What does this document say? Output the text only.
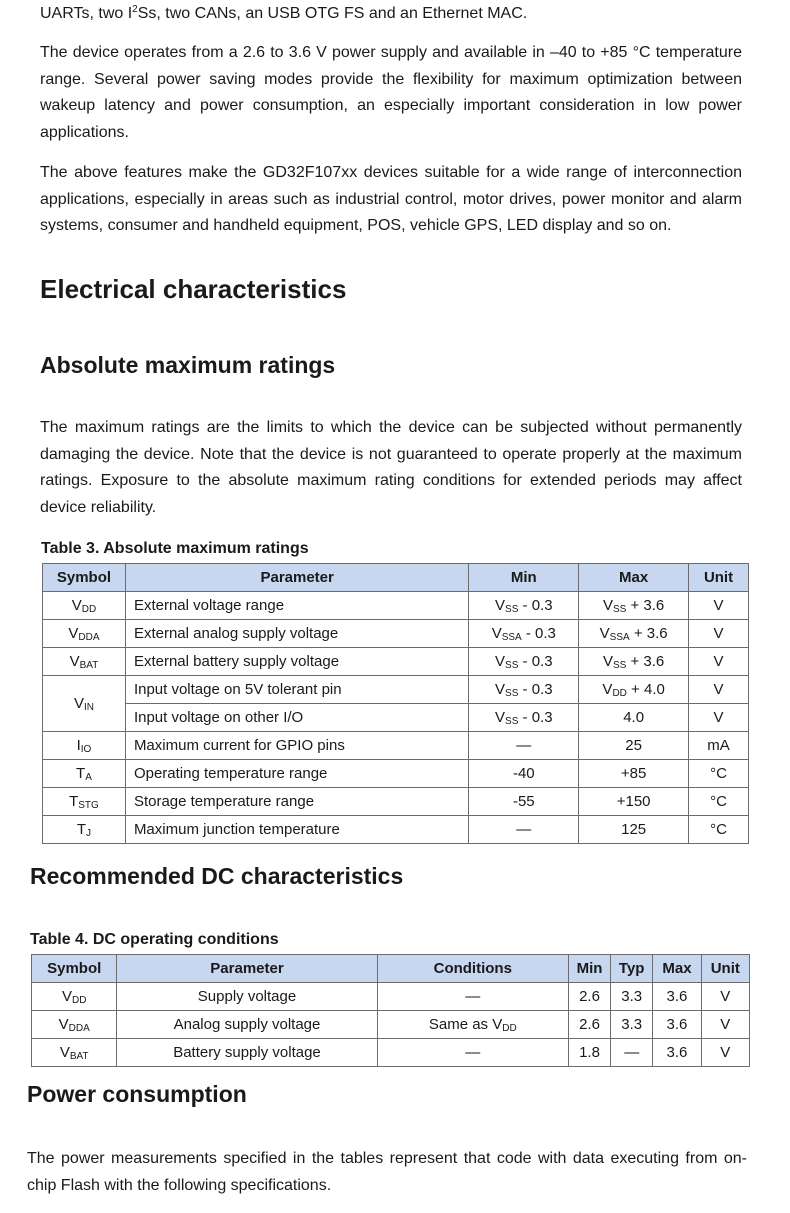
UARTs, two $I^2Ss$, two CANs, an USB OTG FS and an Ethernet MAC.

The device operates from a 2.6 to 3.6 V power supply and available in –40 to +85 °C temperature range. Several power saving modes provide the flexibility for maximum optimization between wakeup latency and power consumption, an especially important consideration in low power applications.

The above features make the GD32F107xx devices suitable for a wide range of interconnection applications, especially in areas such as industrial control, motor drives, power monitor and alarm systems, consumer and handheld equipment, POS, vehicle GPS, LED display and so on.

Electrical characteristics
Absolute maximum ratings

The maximum ratings are the limits to which the device can be subjected without permanently damaging the device. Note that the device is not guaranteed to operate properly at the maximum ratings. Exposure to the absolute maximum rating conditions for extended periods may affect device reliability.

Table 3. Absolute maximum ratings
Symbol	Parameter	Min	Max	Unit
$V_{DD}$	External voltage range	$V_{SS} - 0.3$	$V_{SS} + 3.6$	V
$V_{DDA}$	External analog supply voltage	$V_{SSA} - 0.3$	$V_{SSA} + 3.6$	V
$V_{BAT}$	External battery supply voltage	$V_{SS} - 0.3$	$V_{SS} + 3.6$	V
$V_{IN}$	Input voltage on 5V tolerant pin	$V_{SS} - 0.3$	$V_{DD} + 4.0$	V
	Input voltage on other I/O	$V_{SS} - 0.3$	4.0	V
$I_{IO}$	Maximum current for GPIO pins	—	25	mA
$T_A$	Operating temperature range	-40	+85	°C
$T_{STG}$	Storage temperature range	-55	+150	°C
$T_J$	Maximum junction temperature	—	125	°C
Recommended DC characteristics
Table 4. DC operating conditions
Symbol	Parameter	Conditions	Min	Typ	Max	Unit
$V_{DD}$	Supply voltage	—	2.6	3.3	3.6	V
$V_{DDA}$	Analog supply voltage	Same as $V_{DD}$	2.6	3.3	3.6	V
$V_{BAT}$	Battery supply voltage	—	1.8	—	3.6	V
Power consumption

The power measurements specified in the tables represent that code with data executing from on-chip Flash with the following specifications.
